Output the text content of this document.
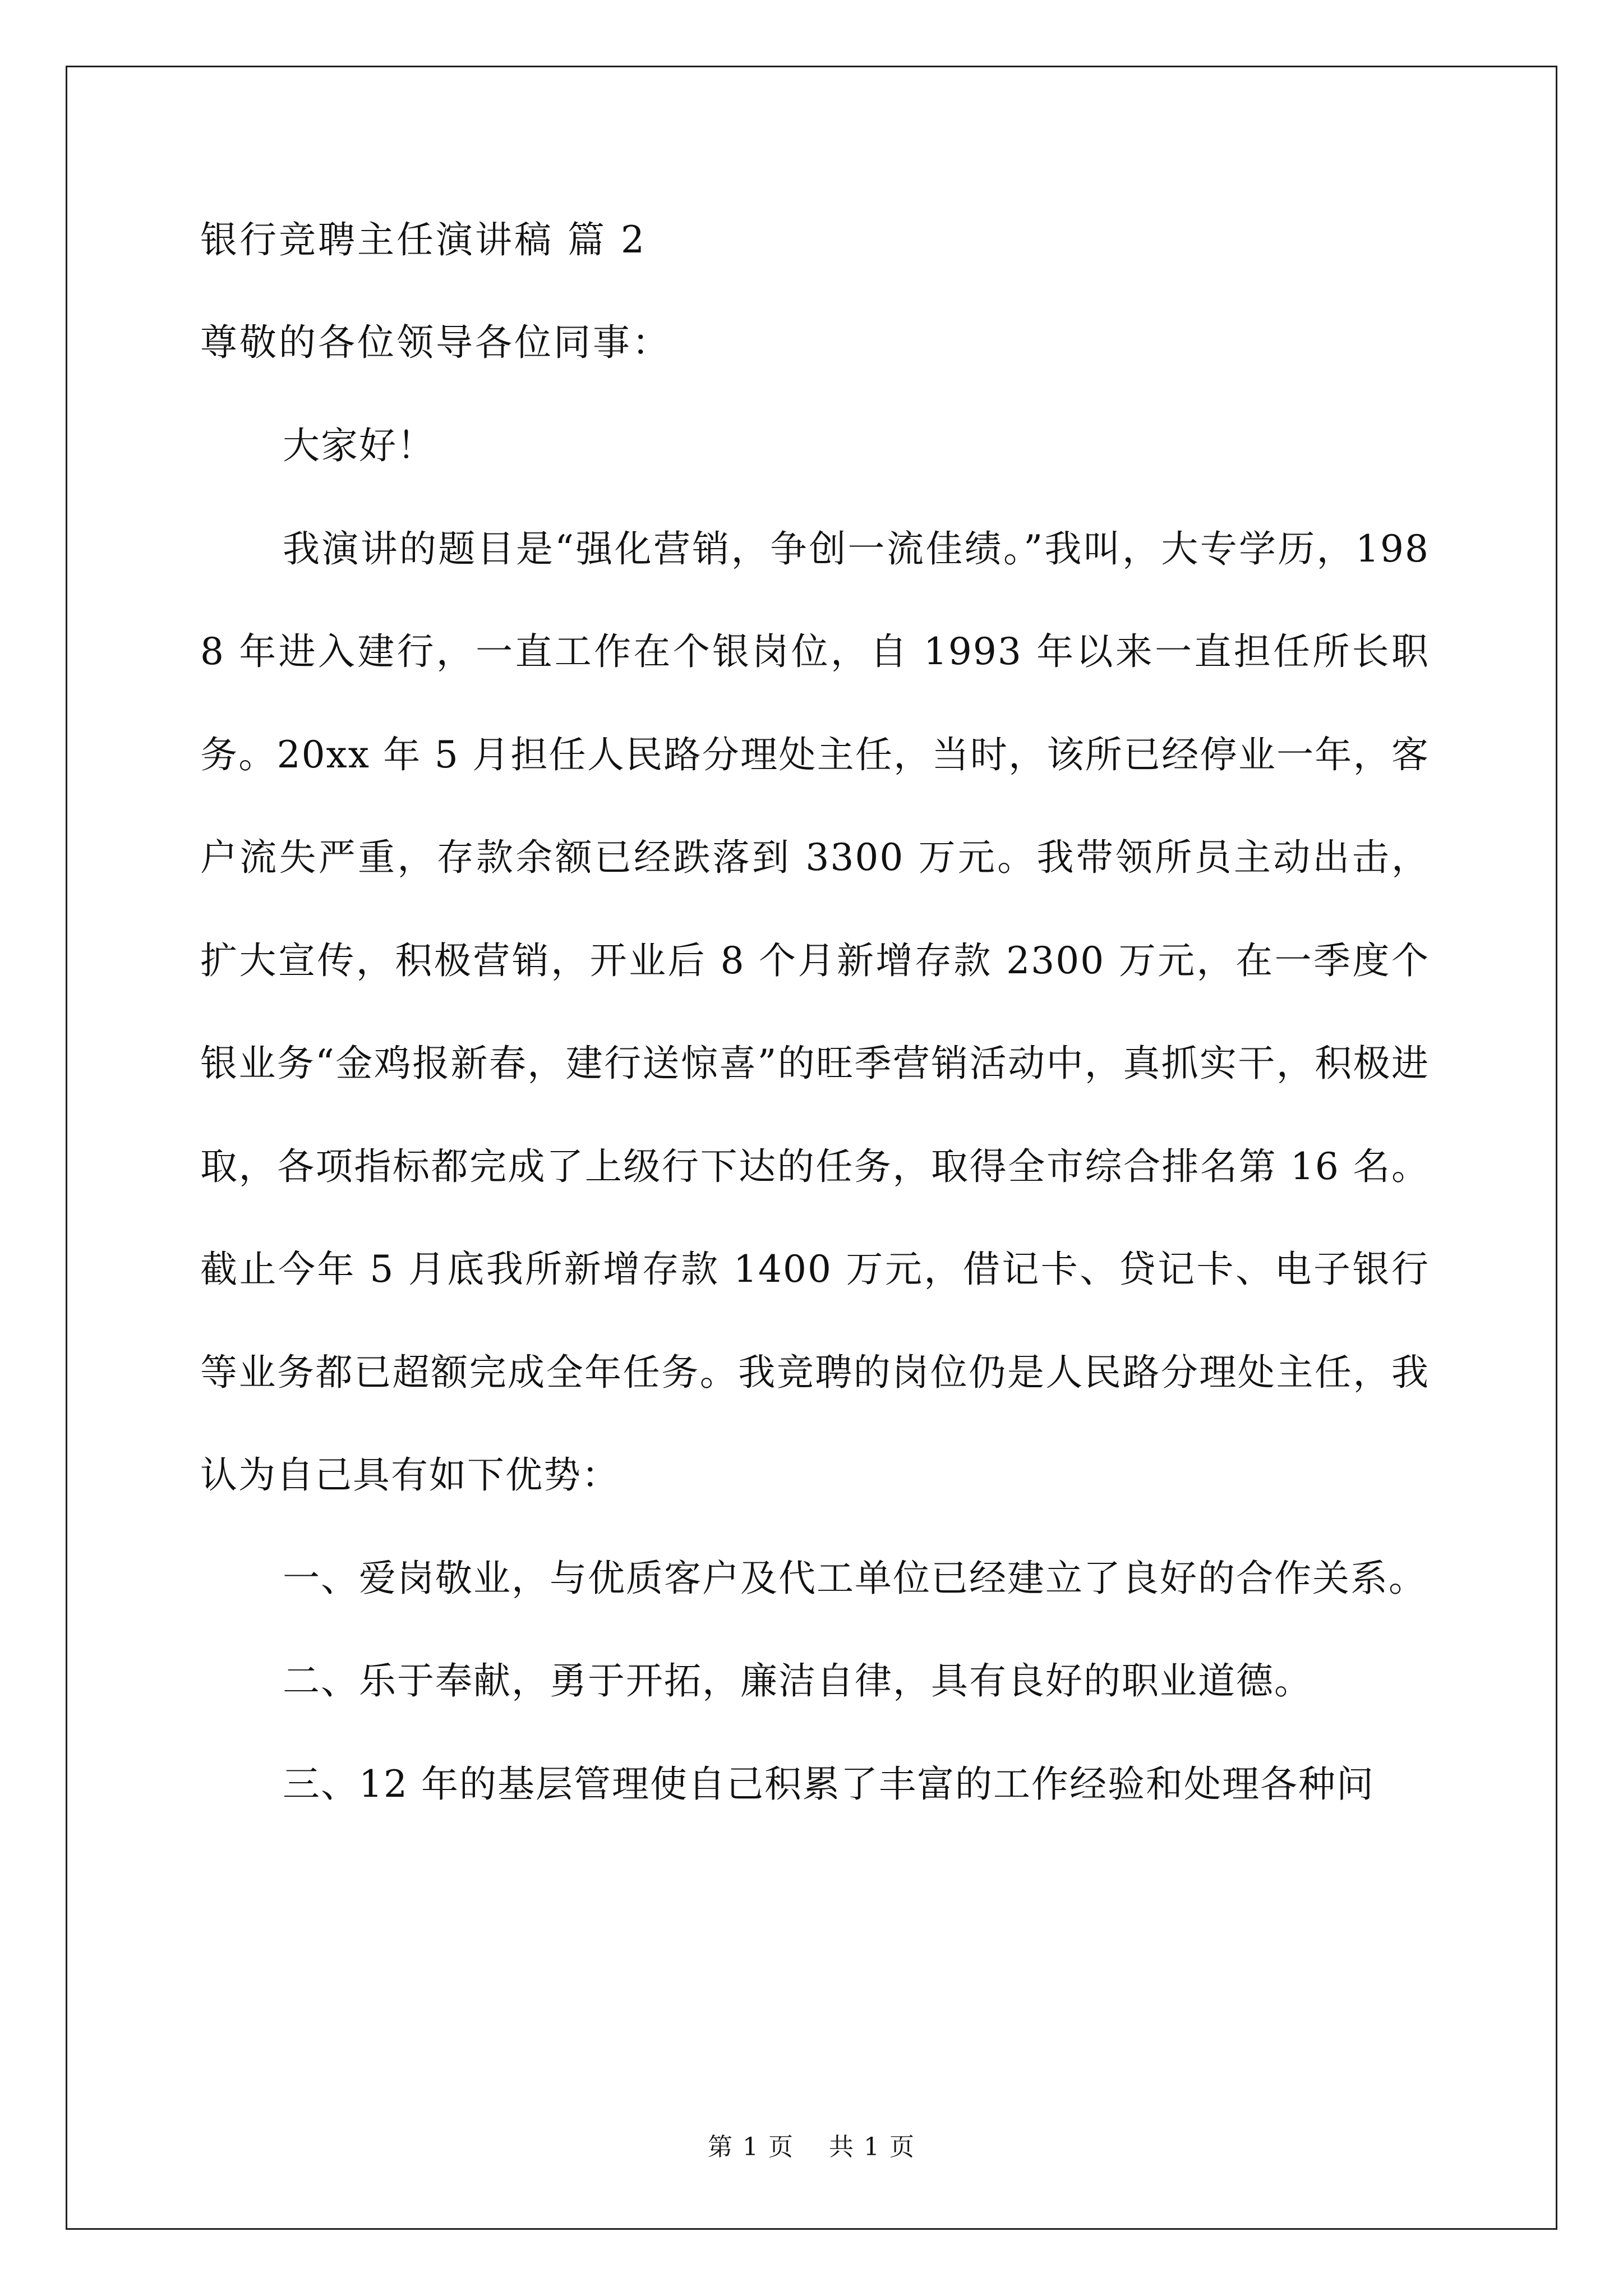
银行竞聘主任演讲稿 篇 2
尊敬的各位领导各位同事：

大家好！

我演讲的题目是“强化营销，争创一流佳绩。”我叫，大专学历，1988 年进入建行，一直工作在个银岗位，自 1993 年以来一直担任所长职务。20xx 年 5 月担任人民路分理处主任，当时，该所已经停业一年，客户流失严重，存款余额已经跌落到 3300 万元。我带领所员主动出击，扩大宣传，积极营销，开业后 8 个月新增存款 2300 万元，在一季度个银业务“金鸡报新春，建行送惊喜”的旺季营销活动中，真抓实干，积极进取，各项指标都完成了上级行下达的任务，取得全市综合排名第 16 名。截止今年 5 月底我所新增存款 1400 万元，借记卡、贷记卡、电子银行等业务都已超额完成全年任务。我竞聘的岗位仍是人民路分理处主任，我认为自己具有如下优势：

一、爱岗敬业，与优质客户及代工单位已经建立了良好的合作关系。

二、乐于奉献，勇于开拓，廉洁自律，具有良好的职业道德。

三、12 年的基层管理使自己积累了丰富的工作经验和处理各种问

第 1 页　 共 1 页
